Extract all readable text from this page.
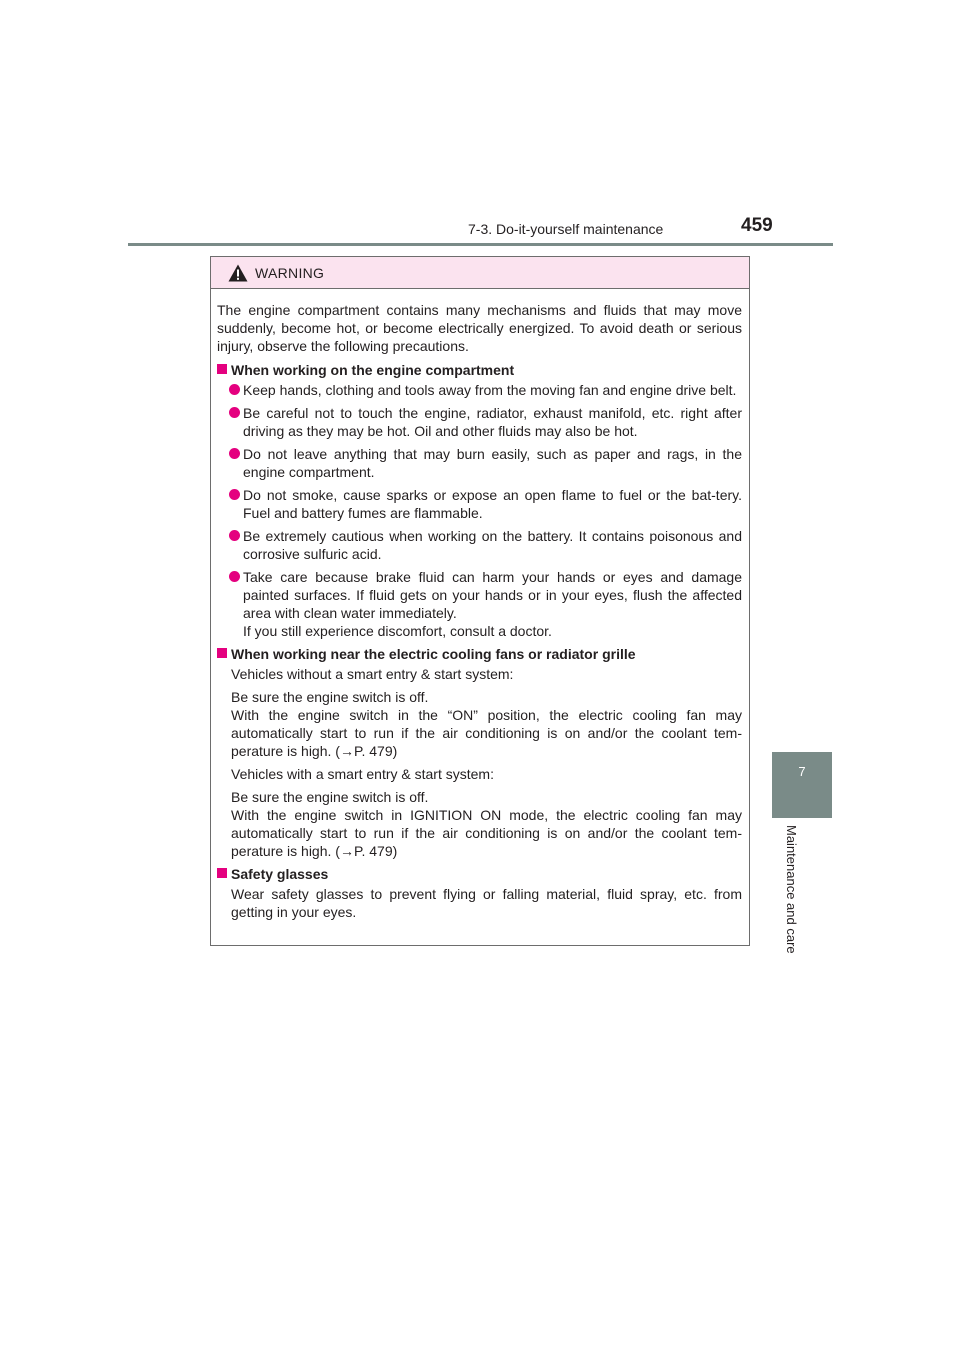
7-3. Do-it-yourself maintenance	459
7
Maintenance and care
WARNING

The engine compartment contains many mechanisms and fluids that may move suddenly, become hot, or become electrically energized. To avoid death or serious injury, observe the following precautions.

When working on the engine compartment
Keep hands, clothing and tools away from the moving fan and engine drive belt.
Be careful not to touch the engine, radiator, exhaust manifold, etc. right after driving as they may be hot. Oil and other fluids may also be hot.
Do not leave anything that may burn easily, such as paper and rags, in the engine compartment.
Do not smoke, cause sparks or expose an open flame to fuel or the bat-tery. Fuel and battery fumes are flammable.
Be extremely cautious when working on the battery. It contains poisonous and corrosive sulfuric acid.
Take care because brake fluid can harm your hands or eyes and damage painted surfaces. If fluid gets on your hands or in your eyes, flush the affected area with clean water immediately.
If you still experience discomfort, consult a doctor.
When working near the electric cooling fans or radiator grille
Vehicles without a smart entry & start system:
Be sure the engine switch is off.
With the engine switch in the “ON” position, the electric cooling fan may automatically start to run if the air conditioning is on and/or the coolant tem-perature is high. (→P. 479)
Vehicles with a smart entry & start system:
Be sure the engine switch is off.
With the engine switch in IGNITION ON mode, the electric cooling fan may automatically start to run if the air conditioning is on and/or the coolant tem-perature is high. (→P. 479)
Safety glasses
Wear safety glasses to prevent flying or falling material, fluid spray, etc. from getting in your eyes.
